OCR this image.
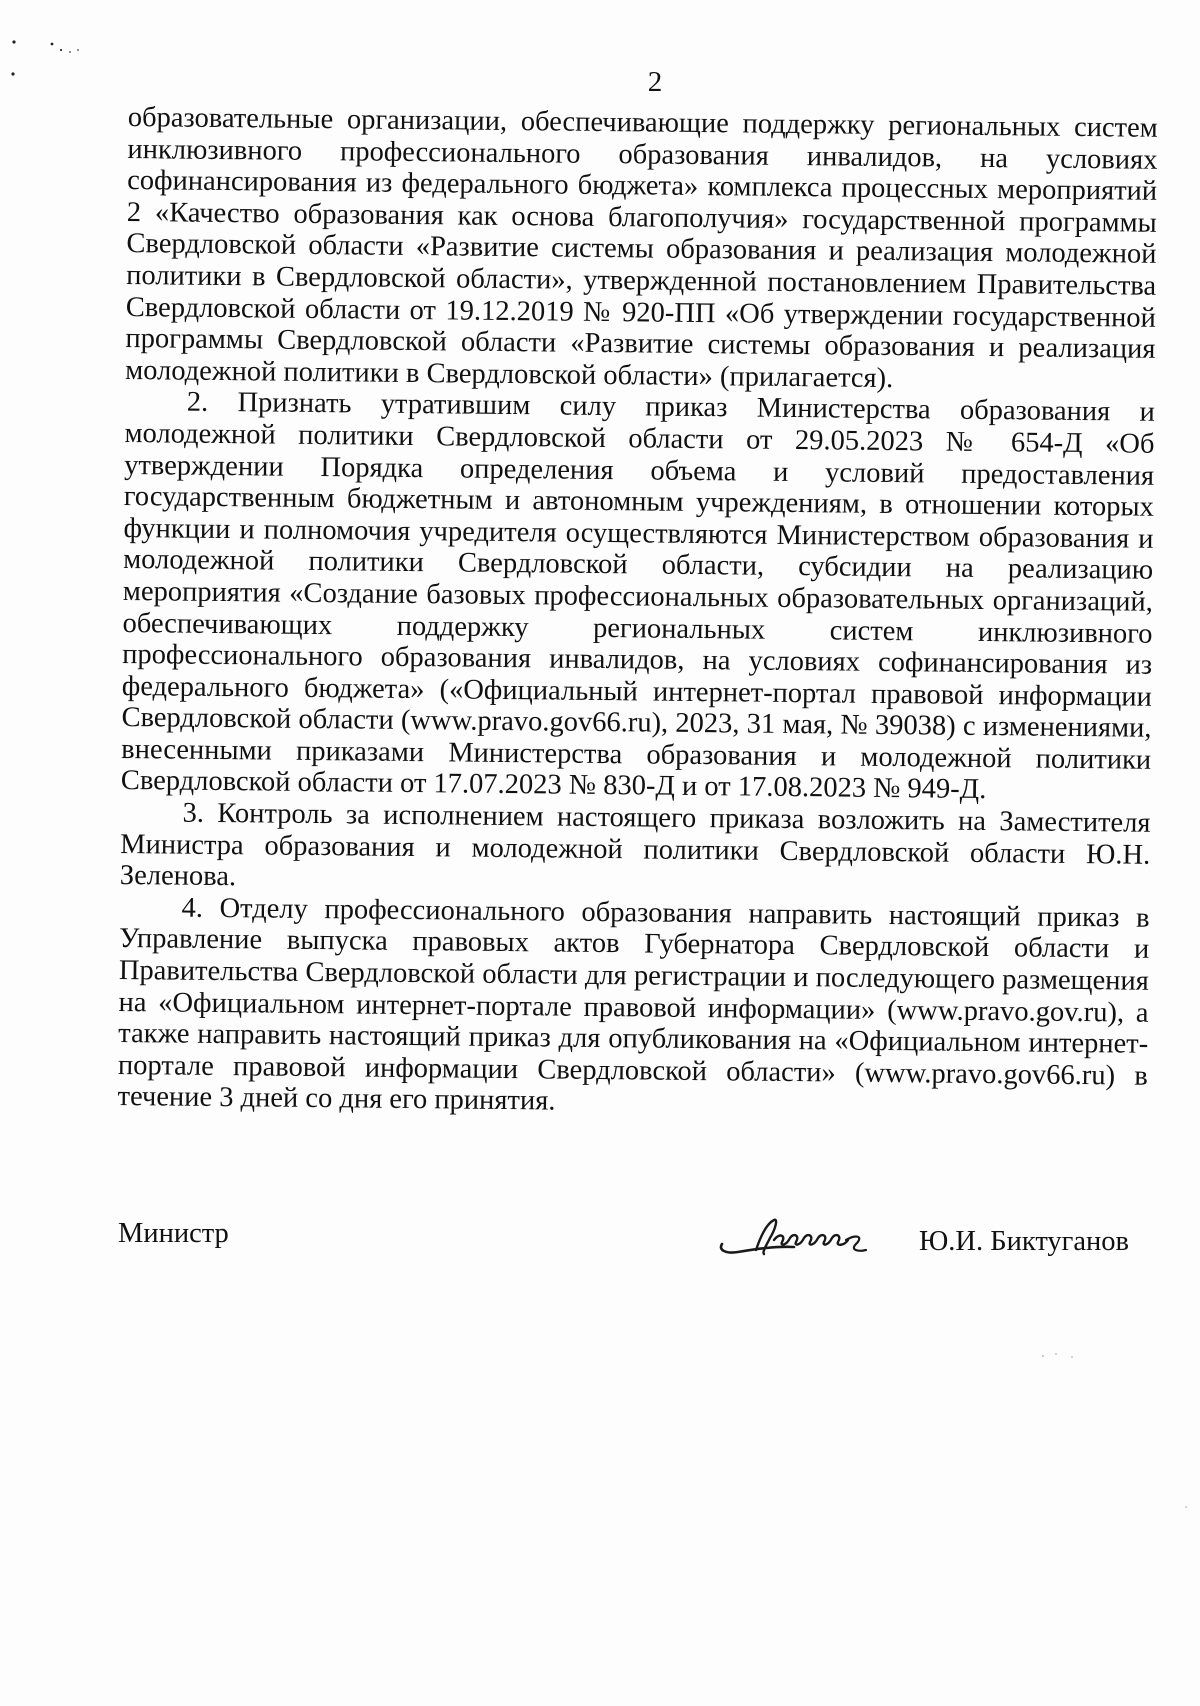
2

образовательные организации, обеспечивающие поддержку региональных систем инклюзивного профессионального образования инвалидов, на условиях софинансирования из федерального бюджета» комплекса процессных мероприятий 2 «Качество образования как основа благополучия» государственной программы Свердловской области «Развитие системы образования и реализация молодежной политики в Свердловской области», утвержденной постановлением Правительства Свердловской области от 19.12.2019 № 920-ПП «Об утверждении государственной программы Свердловской области «Развитие системы образования и реализация молодежной политики в Свердловской области» (прилагается).

2. Признать утратившим силу приказ Министерства образования и молодежной политики Свердловской области от 29.05.2023 № 654-Д «Об утверждении Порядка определения объема и условий предоставления государственным бюджетным и автономным учреждениям, в отношении которых функции и полномочия учредителя осуществляются Министерством образования и молодежной политики Свердловской области, субсидии на реализацию мероприятия «Создание базовых профессиональных образовательных организаций, обеспечивающих поддержку региональных систем инклюзивного профессионального образования инвалидов, на условиях софинансирования из федерального бюджета» («Официальный интернет-портал правовой информации Свердловской области (www.pravo.gov66.ru), 2023, 31 мая, № 39038) с изменениями, внесенными приказами Министерства образования и молодежной политики Свердловской области от 17.07.2023 № 830-Д и от 17.08.2023 № 949-Д.

3. Контроль за исполнением настоящего приказа возложить на Заместителя Министра образования и молодежной политики Свердловской области Ю.Н. Зеленова.

4. Отделу профессионального образования направить настоящий приказ в Управление выпуска правовых актов Губернатора Свердловской области и Правительства Свердловской области для регистрации и последующего размещения на «Официальном интернет-портале правовой информации» (www.pravo.gov.ru), а также направить настоящий приказ для опубликования на «Официальном интернет-портале правовой информации Свердловской области» (www.pravo.gov66.ru) в течение 3 дней со дня его принятия.

Министр	Ю.И. Биктуганов
